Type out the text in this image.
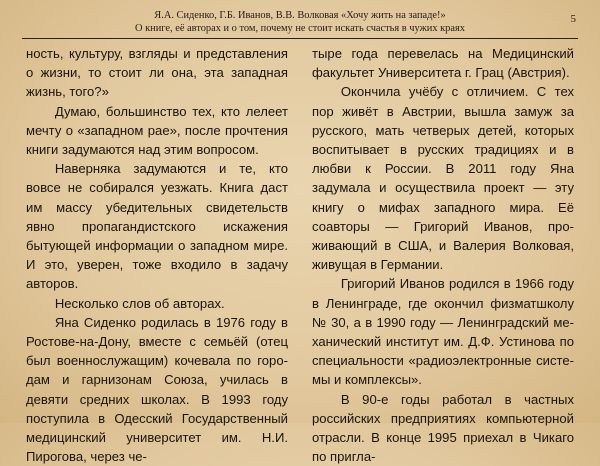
Я.А. Сиденко, Г.Б. Иванов, В.В. Волковая «Хочу жить на западе!»
О книге, её авторах и о том, почему не стоит искать счастья в чужих краях
5

ность, культуру, взгляды и представления о жизни, то стоит ли она, эта западная жизнь, того?»

Думаю, большинство тех, кто лелеет мечту о «западном рае», после прочтения книги задумаются над этим вопросом.

Наверняка задумаются и те, кто вовсе не собирался уезжать. Книга даст им массу убедительных свидетельств явно пропагандистского искажения бытующей информации о западном мире. И это, уверен, тоже входило в задачу авторов.

Несколько слов об авторах.

Яна Сиденко родилась в 1976 году в Ростове-на-Дону, вместе с семьёй (отец был военнослужащим) кочевала по городам и гарнизонам Союза, училась в девяти средних школах. В 1993 году поступила в Одесский Государственный медицинский университет им. Н.И. Пирогова, через че-

тыре года перевелась на Медицинский факультет Университета г. Грац (Австрия).

Окончила учёбу с отличием. С тех пор живёт в Австрии, вышла замуж за русского, мать четверых детей, которых воспитывает в русских традициях и в любви к России. В 2011 году Яна задумала и осуществила проект — эту книгу о мифах западного мира. Её соавторы — Григорий Иванов, проживающий в США, и Валерия Волковая, живущая в Германии.

Григорий Иванов родился в 1966 году в Ленинграде, где окончил физматшколу № 30, а в 1990 году — Ленинградский механический институт им. Д.Ф. Устинова по специальности «радиоэлектронные системы и комплексы».

В 90-е годы работал в частных российских предприятиях компьютерной отрасли. В конце 1995 приехал в Чикаго по пригла-
